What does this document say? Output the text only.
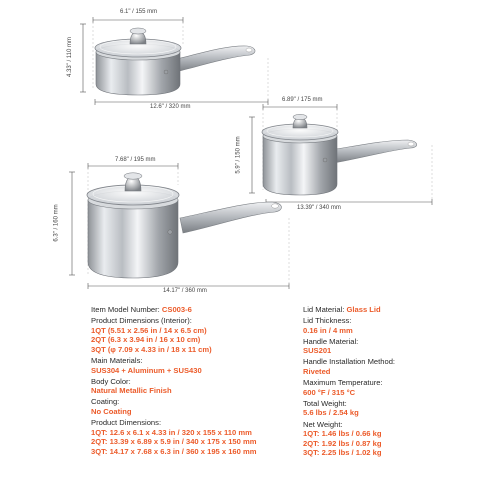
6.1" / 155 mm
4.33" / 110 mm
12.6" / 320 mm
6.89" / 175 mm
5.9" / 150 mm
13.39" / 340 mm
7.68" / 195 mm
6.3" / 160 mm
14.17" / 360 mm
Item Model Number: CS003-6
Product Dimensions (Interior):
1QT (5.51 x 2.56 in / 14 x 6.5 cm)
2QT (6.3 x 3.94 in / 16 x 10 cm)
3QT (φ 7.09 x 4.33 in / 18 x 11 cm)
Main Materials:
SUS304 + Aluminum + SUS430
Body Color:
Natural Metallic Finish
Coating:
No Coating
Product Dimensions:
1QT: 12.6 x 6.1 x 4.33 in / 320 x 155 x 110 mm
2QT: 13.39 x 6.89 x 5.9 in / 340 x 175 x 150 mm
3QT: 14.17 x 7.68 x 6.3 in / 360 x 195 x 160 mm
Lid Material: Glass Lid
Lid Thickness:
0.16 in / 4 mm
Handle Material:
SUS201
Handle Installation Method:
Riveted
Maximum Temperature:
600 °F / 315 °C
Total Weight:
5.6 lbs / 2.54 kg
Net Weight:
1QT: 1.46 lbs / 0.66 kg
2QT: 1.92 lbs / 0.87 kg
3QT: 2.25 lbs / 1.02 kg
